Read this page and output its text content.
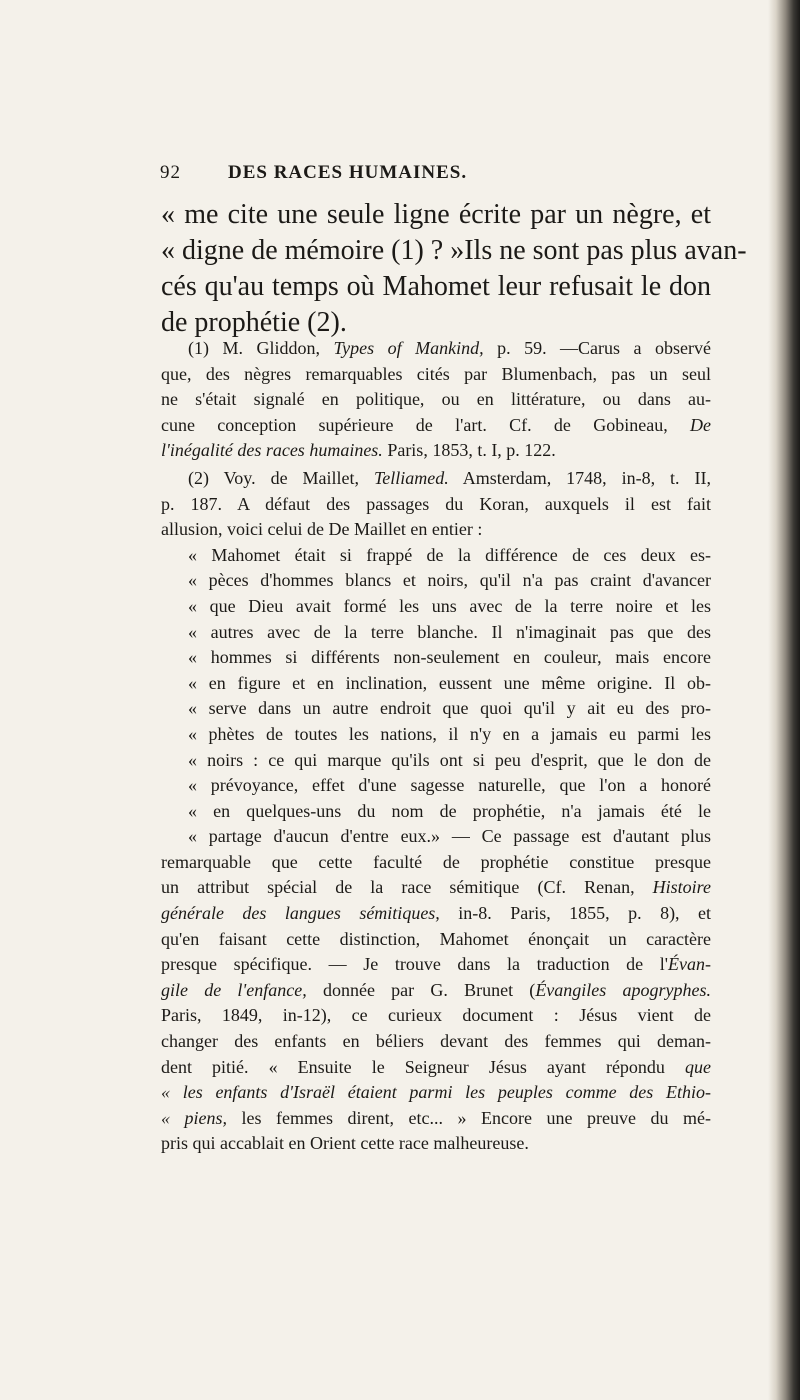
92 DES RACES HUMAINES.
« me cite une seule ligne écrite par un nègre, et
« digne de mémoire (1) ? »Ils ne sont pas plus avan-
cés qu'au temps où Mahomet leur refusait le don
de prophétie (2).
(1) M. Gliddon, Types of Mankind, p. 59. —Carus a observé
que, des nègres remarquables cités par Blumenbach, pas un seul
ne s'était signalé en politique, ou en littérature, ou dans au-
cune conception supérieure de l'art. Cf. de Gobineau, De
l'inégalité des races humaines. Paris, 1853, t. I, p. 122.
(2) Voy. de Maillet, Telliamed. Amsterdam, 1748, in-8, t. II,
p. 187. A défaut des passages du Koran, auxquels il est fait
allusion, voici celui de De Maillet en entier :
« Mahomet était si frappé de la différence de ces deux es-
« pèces d'hommes blancs et noirs, qu'il n'a pas craint d'avancer
« que Dieu avait formé les uns avec de la terre noire et les
« autres avec de la terre blanche. Il n'imaginait pas que des
« hommes si différents non-seulement en couleur, mais encore
« en figure et en inclination, eussent une même origine. Il ob-
« serve dans un autre endroit que quoi qu'il y ait eu des pro-
« phètes de toutes les nations, il n'y en a jamais eu parmi les
« noirs : ce qui marque qu'ils ont si peu d'esprit, que le don de
« prévoyance, effet d'une sagesse naturelle, que l'on a honoré
« en quelques-uns du nom de prophétie, n'a jamais été le
« partage d'aucun d'entre eux.» — Ce passage est d'autant plus
remarquable que cette faculté de prophétie constitue presque
un attribut spécial de la race sémitique (Cf. Renan, Histoire
générale des langues sémitiques, in-8. Paris, 1855, p. 8), et
qu'en faisant cette distinction, Mahomet énonçait un caractère
presque spécifique. — Je trouve dans la traduction de l'Évan-
gile de l'enfance, donnée par G. Brunet (Évangiles apogryphes.
Paris, 1849, in-12), ce curieux document : Jésus vient de
changer des enfants en béliers devant des femmes qui deman-
dent pitié. « Ensuite le Seigneur Jésus ayant répondu que
« les enfants d'Israël étaient parmi les peuples comme des Ethio-
« piens, les femmes dirent, etc... » Encore une preuve du mé-
pris qui accablait en Orient cette race malheureuse.
